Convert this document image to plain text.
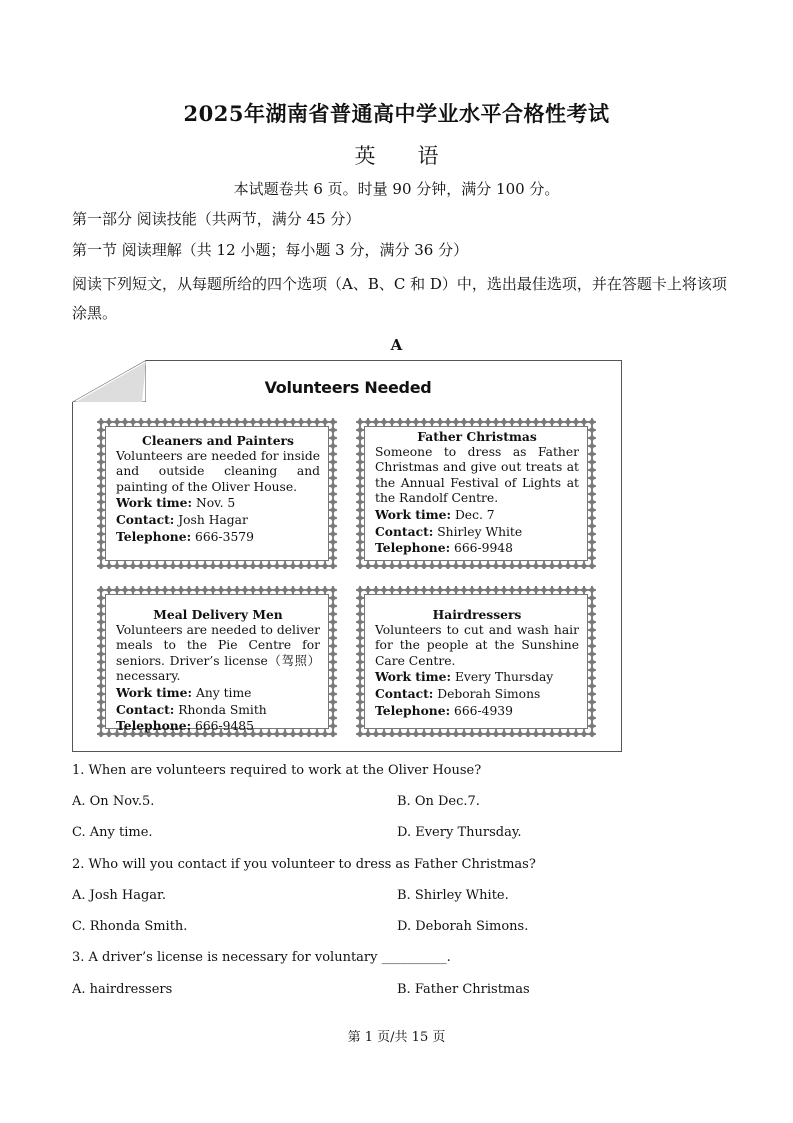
2025年湖南省普通高中学业水平合格性考试
英语
本试题卷共 6 页。时量 90 分钟，满分 100 分。
第一部分 阅读技能（共两节，满分 45 分）
第一节 阅读理解（共 12 小题；每小题 3 分，满分 36 分）
阅读下列短文，从每题所给的四个选项（A、B、C 和 D）中，选出最佳选项，并在答题卡上将该项涂黑。
A
Volunteers Needed
Cleaners and Painters
Volunteers are needed for inside and outside cleaning and painting of the Oliver House.
Work time: Nov. 5
Contact: Josh Hagar
Telephone: 666-3579
Father Christmas
Someone to dress as Father Christmas and give out treats at the Annual Festival of Lights at the Randolf Centre.
Work time: Dec. 7
Contact: Shirley White
Telephone: 666-9948
Meal Delivery Men
Volunteers are needed to deliver meals to the Pie Centre for seniors. Driver’s license（驾照）necessary.
Work time: Any time
Contact: Rhonda Smith
Telephone: 666-9485
Hairdressers
Volunteers to cut and wash hair for the people at the Sunshine Care Centre.
Work time: Every Thursday
Contact: Deborah Simons
Telephone: 666-4939
1. When are volunteers required to work at the Oliver House?
A. On Nov.5.	B. On Dec.7.
C. Any time.	D. Every Thursday.
2. Who will you contact if you volunteer to dress as Father Christmas?
A. Josh Hagar.	B. Shirley White.
C. Rhonda Smith.	D. Deborah Simons.
3. A driver’s license is necessary for voluntary __________.
A. hairdressers	B. Father Christmas
第 1 页/共 15 页
